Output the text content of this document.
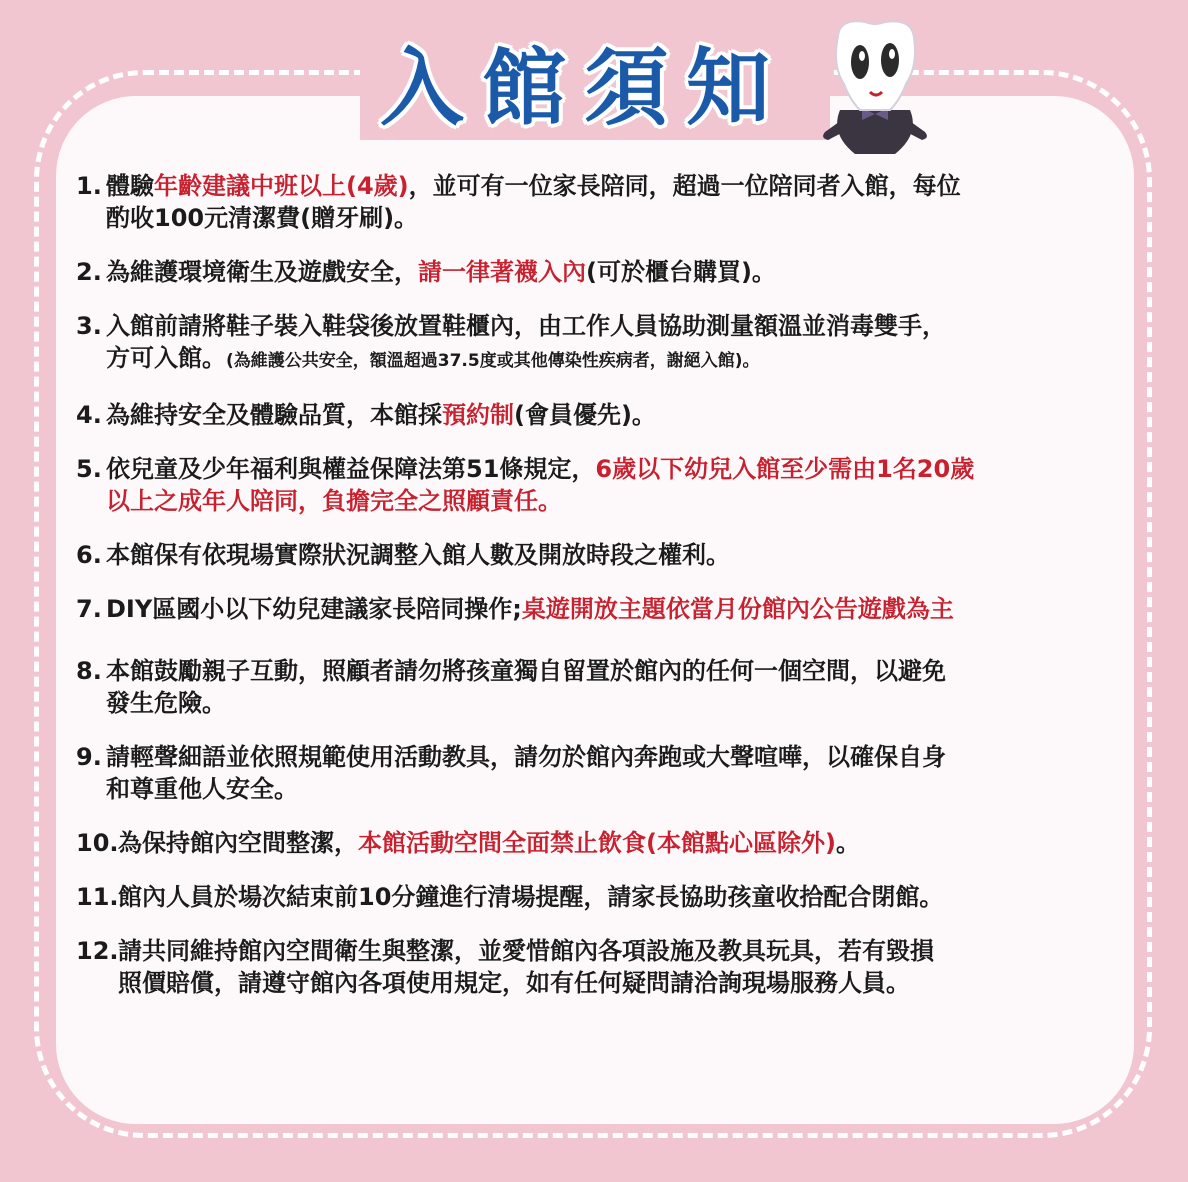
入館須知
1. 體驗年齡建議中班以上(4歲)，並可有一位家長陪同，超過一位陪同者入館，每位
酌收100元清潔費(贈牙刷)。
2. 為維護環境衛生及遊戲安全，請一律著襪入內(可於櫃台購買)。
3. 入館前請將鞋子裝入鞋袋後放置鞋櫃內，由工作人員協助測量額溫並消毒雙手，
方可入館。(為維護公共安全，額溫超過37.5度或其他傳染性疾病者，謝絕入館)。
4. 為維持安全及體驗品質，本館採預約制(會員優先)。
5. 依兒童及少年福利與權益保障法第51條規定，6歲以下幼兒入館至少需由1名20歲
以上之成年人陪同，負擔完全之照顧責任。
6. 本館保有依現場實際狀況調整入館人數及開放時段之權利。
7. DIY區國小以下幼兒建議家長陪同操作;桌遊開放主題依當月份館內公告遊戲為主
8. 本館鼓勵親子互動，照顧者請勿將孩童獨自留置於館內的任何一個空間，以避免
發生危險。
9. 請輕聲細語並依照規範使用活動教具，請勿於館內奔跑或大聲喧嘩，以確保自身
和尊重他人安全。
10. 為保持館內空間整潔，本館活動空間全面禁止飲食(本館點心區除外)。
11. 館內人員於場次結束前10分鐘進行清場提醒，請家長協助孩童收拾配合閉館。
12. 請共同維持館內空間衛生與整潔，並愛惜館內各項設施及教具玩具，若有毀損
照價賠償，請遵守館內各項使用規定，如有任何疑問請洽詢現場服務人員。
